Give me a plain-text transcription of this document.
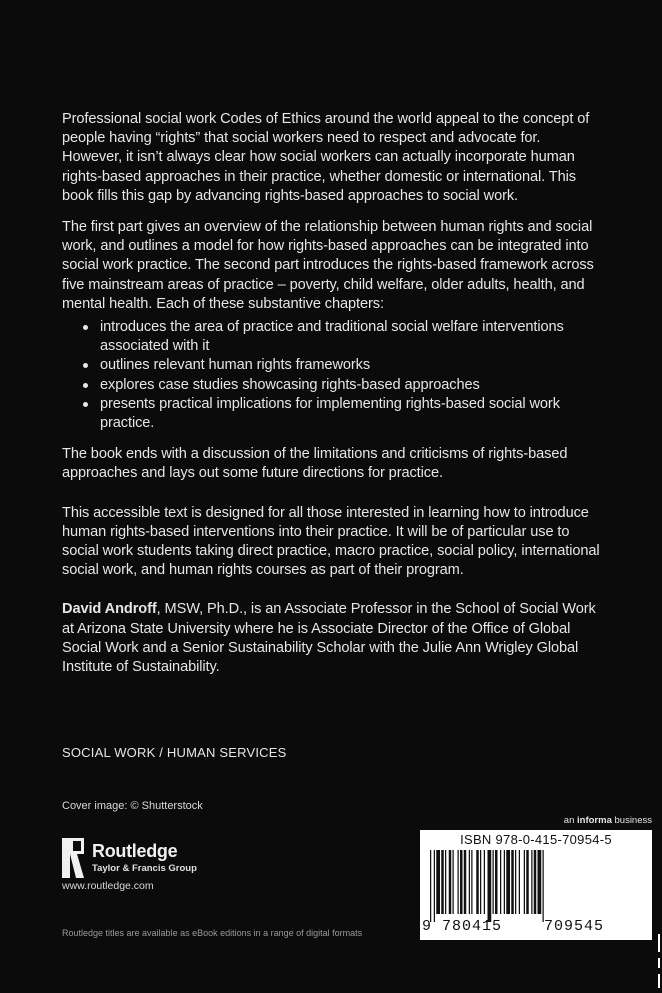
Professional social work Codes of Ethics around the world appeal to the concept of people having “rights” that social workers need to respect and advocate for. However, it isn’t always clear how social workers can actually incorporate human rights-based approaches in their practice, whether domestic or international. This book fills this gap by advancing rights-based approaches to social work.

The first part gives an overview of the relationship between human rights and social work, and outlines a model for how rights-based approaches can be integrated into social work practice. The second part introduces the rights-based framework across five mainstream areas of practice – poverty, child welfare, older adults, health, and mental health. Each of these substantive chapters:

introduces the area of practice and traditional social welfare interventions associated with it
outlines relevant human rights frameworks
explores case studies showcasing rights-based approaches
presents practical implications for implementing rights-based social work practice.

The book ends with a discussion of the limitations and criticisms of rights-based approaches and lays out some future directions for practice.

This accessible text is designed for all those interested in learning how to introduce human rights-based interventions into their practice. It will be of particular use to social work students taking direct practice, macro practice, social policy, international social work, and human rights courses as part of their program.

David Androff, MSW, Ph.D., is an Associate Professor in the School of Social Work at Arizona State University where he is Associate Director of the Office of Global Social Work and a Senior Sustainability Scholar with the Julie Ann Wrigley Global Institute of Sustainability.

SOCIAL WORK / HUMAN SERVICES
Cover image: © Shutterstock
Routledge
Taylor & Francis Group
www.routledge.com
Routledge titles are available as eBook editions in a range of digital formats
an informa business
ISBN 978-0-415-70954-5
9 780415	709545
